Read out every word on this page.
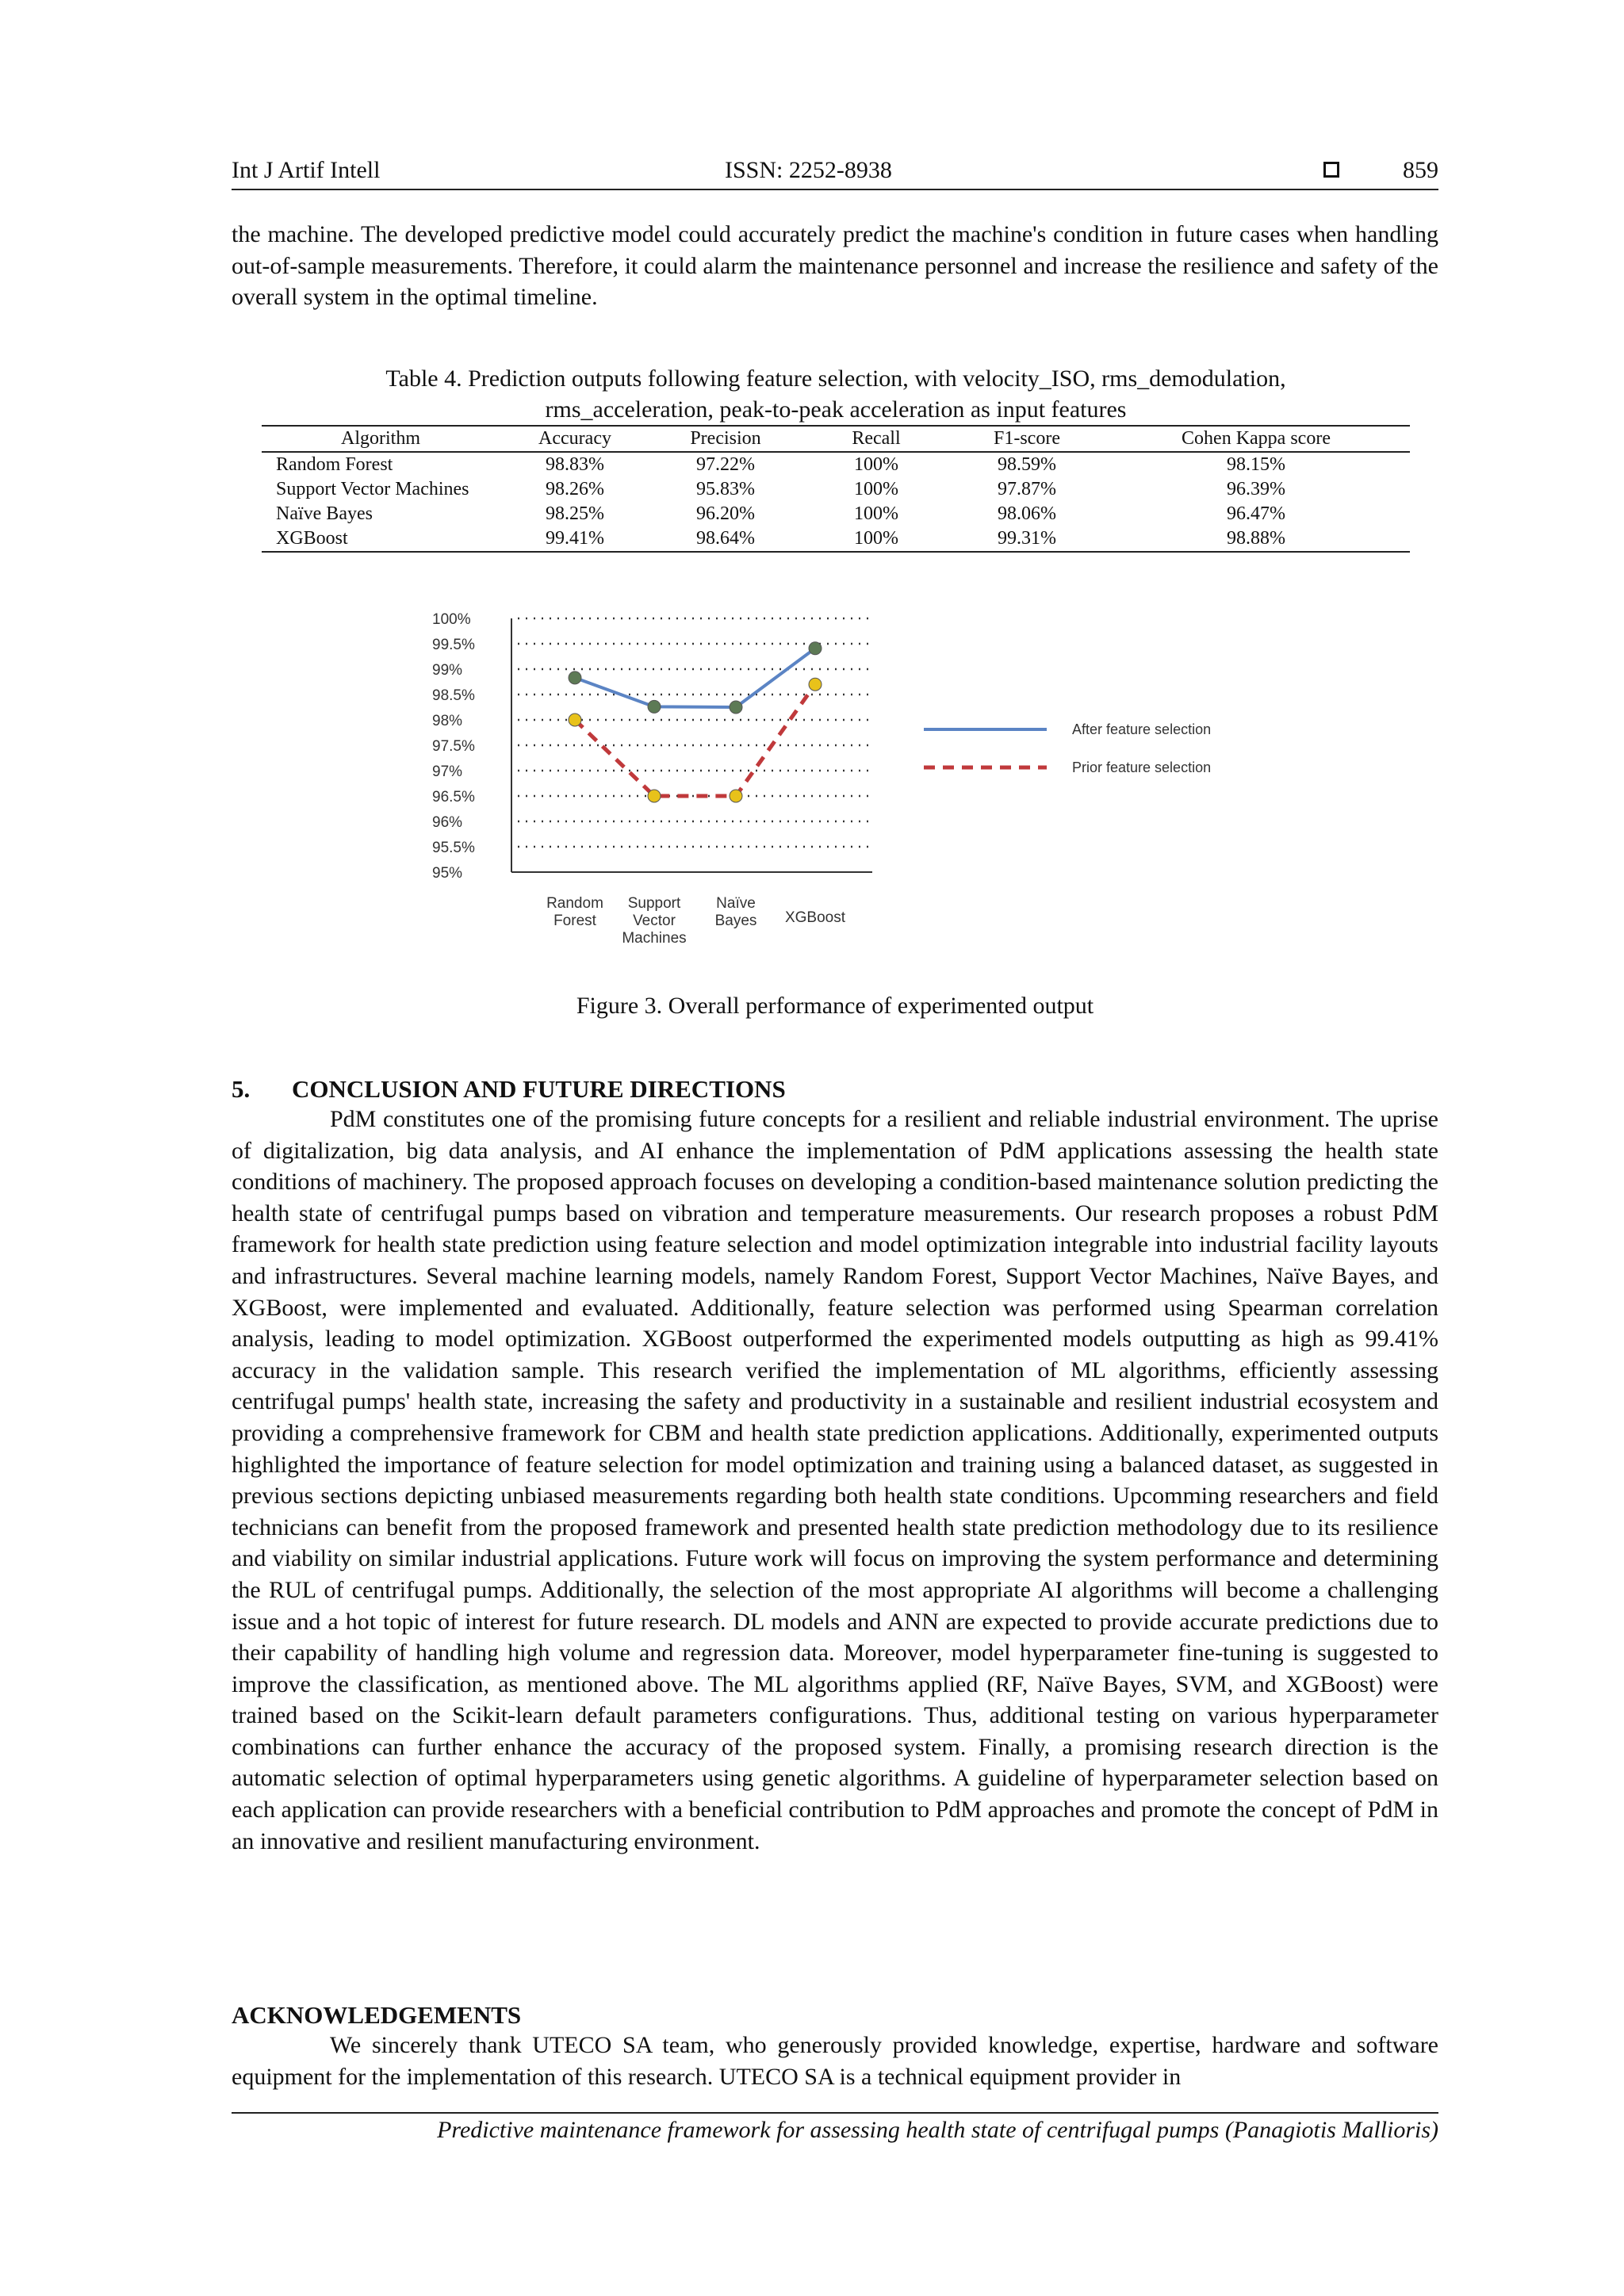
Int J Artif Intell	ISSN: 2252-8938	859

the machine. The developed predictive model could accurately predict the machine's condition in future cases when handling out-of-sample measurements. Therefore, it could alarm the maintenance personnel and increase the resilience and safety of the overall system in the optimal timeline.

Table 4. Prediction outputs following feature selection, with velocity_ISO, rms_demodulation, rms_acceleration, peak-to-peak acceleration as input features

Algorithm	Accuracy	Precision	Recall	F1-score	Cohen Kappa score
Random Forest	98.83%	97.22%	100%	98.59%	98.15%
Support Vector Machines	98.26%	95.83%	100%	97.87%	96.39%
Naïve Bayes	98.25%	96.20%	100%	98.06%	96.47%
XGBoost	99.41%	98.64%	100%	99.31%	98.88%
95%
95.5%
96%
96.5%
97%
97.5%
98%
98.5%
99%
99.5%
100%
Random
Forest
Support
Vector
Machines
Naïve
Bayes XGBoost
After feature selection
Prior feature selection

Figure 3. Overall performance of experimented output

5. CONCLUSION AND FUTURE DIRECTIONS

PdM constitutes one of the promising future concepts for a resilient and reliable industrial environment. The uprise of digitalization, big data analysis, and AI enhance the implementation of PdM applications assessing the health state conditions of machinery. The proposed approach focuses on developing a condition-based maintenance solution predicting the health state of centrifugal pumps based on vibration and temperature measurements. Our research proposes a robust PdM framework for health state prediction using feature selection and model optimization integrable into industrial facility layouts and infrastructures. Several machine learning models, namely Random Forest, Support Vector Machines, Naïve Bayes, and XGBoost, were implemented and evaluated. Additionally, feature selection was performed using Spearman correlation analysis, leading to model optimization. XGBoost outperformed the experimented models outputting as high as 99.41% accuracy in the validation sample. This research verified the implementation of ML algorithms, efficiently assessing centrifugal pumps' health state, increasing the safety and productivity in a sustainable and resilient industrial ecosystem and providing a comprehensive framework for CBM and health state prediction applications. Additionally, experimented outputs highlighted the importance of feature selection for model optimization and training using a balanced dataset, as suggested in previous sections depicting unbiased measurements regarding both health state conditions. Upcomming researchers and field technicians can benefit from the proposed framework and presented health state prediction methodology due to its resilience and viability on similar industrial applications. Future work will focus on improving the system performance and determining the RUL of centrifugal pumps. Additionally, the selection of the most appropriate AI algorithms will become a challenging issue and a hot topic of interest for future research. DL models and ANN are expected to provide accurate predictions due to their capability of handling high volume and regression data. Moreover, model hyperparameter fine-tuning is suggested to improve the classification, as mentioned above. The ML algorithms applied (RF, Naïve Bayes, SVM, and XGBoost) were trained based on the Scikit-learn default parameters configurations. Thus, additional testing on various hyperparameter combinations can further enhance the accuracy of the proposed system. Finally, a promising research direction is the automatic selection of optimal hyperparameters using genetic algorithms. A guideline of hyperparameter selection based on each application can provide researchers with a beneficial contribution to PdM approaches and promote the concept of PdM in an innovative and resilient manufacturing environment.

ACKNOWLEDGEMENTS

We sincerely thank UTECO SA team, who generously provided knowledge, expertise, hardware and software equipment for the implementation of this research. UTECO SA is a technical equipment provider in

Predictive maintenance framework for assessing health state of centrifugal pumps (Panagiotis Mallioris)
